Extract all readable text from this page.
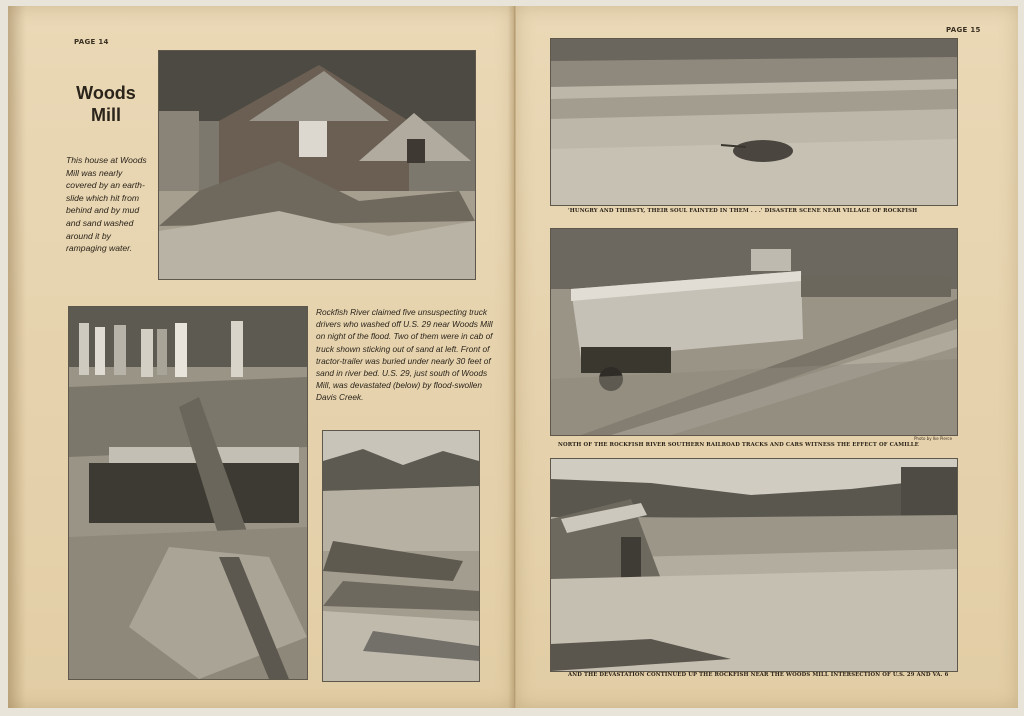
PAGE 14
Woods Mill
This house at Woods Mill was nearly covered by an earth-slide which hit from behind and by mud and sand washed around it by rampaging water.
Rockfish River claimed five unsuspecting truck drivers who washed off U.S. 29 near Woods Mill on night of the flood. Two of them were in cab of truck shown sticking out of sand at left. Front of tractor-trailer was buried under nearly 30 feet of sand in river bed. U.S. 29, just south of Woods Mill, was devastated (below) by flood-swollen Davis Creek.
PAGE 15
'HUNGRY AND THIRSTY, THEIR SOUL FAINTED IN THEM . . .' DISASTER SCENE NEAR VILLAGE OF ROCKFISH
Photo by Ike Pierce
NORTH OF THE ROCKFISH RIVER SOUTHERN RAILROAD TRACKS AND CARS WITNESS THE EFFECT OF CAMILLE
AND THE DEVASTATION CONTINUED UP THE ROCKFISH NEAR THE WOODS MILL INTERSECTION OF U.S. 29 AND VA. 6
